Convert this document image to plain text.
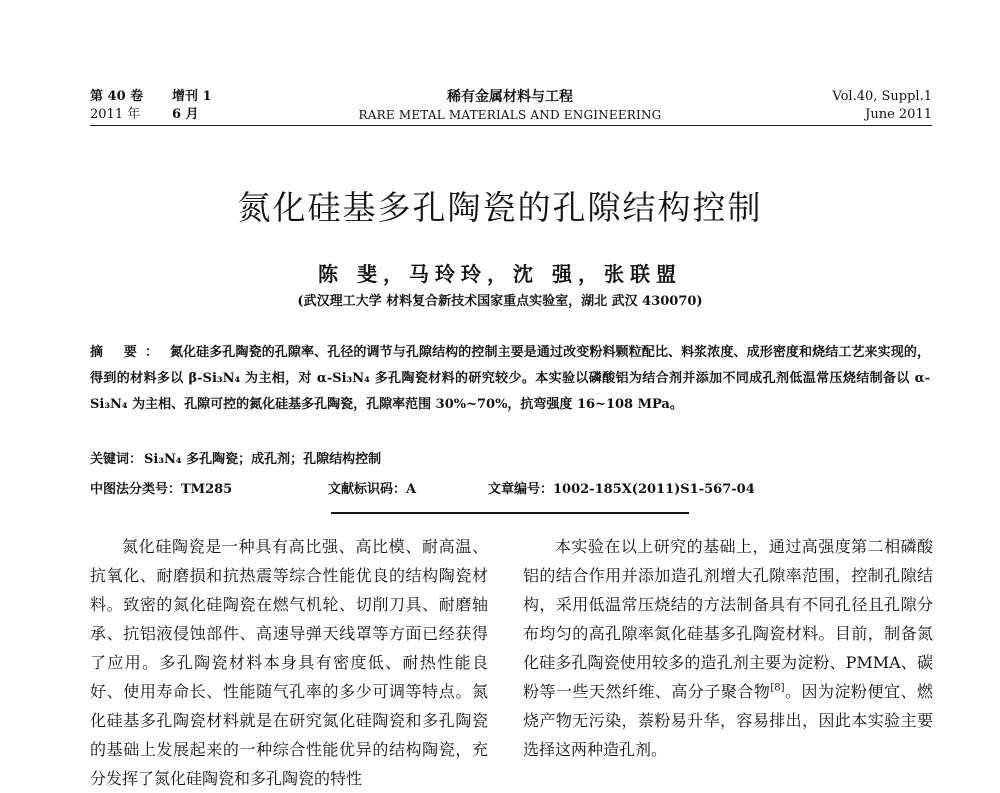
第 40 卷 增刊 1
2011 年 6 月
稀有金属材料与工程
RARE METAL MATERIALS AND ENGINEERING
Vol.40, Suppl.1
June 2011
氮化硅基多孔陶瓷的孔隙结构控制
陈 斐，马玲玲，沈 强，张联盟
(武汉理工大学 材料复合新技术国家重点实验室，湖北 武汉 430070)
摘 要： 氮化硅多孔陶瓷的孔隙率、孔径的调节与孔隙结构的控制主要是通过改变粉料颗粒配比、料浆浓度、成形密度和烧结工艺来实现的，得到的材料多以 β-Si₃N₄ 为主相，对 α-Si₃N₄ 多孔陶瓷材料的研究较少。本实验以磷酸铝为结合剂并添加不同成孔剂低温常压烧结制备以 α-Si₃N₄ 为主相、孔隙可控的氮化硅基多孔陶瓷，孔隙率范围 30%~70%，抗弯强度 16~108 MPa。
关键词： Si₃N₄ 多孔陶瓷；成孔剂；孔隙结构控制
中图法分类号：TM285	文献标识码：A	文章编号：1002-185X(2011)S1-567-04

氮化硅陶瓷是一种具有高比强、高比模、耐高温、抗氧化、耐磨损和抗热震等综合性能优良的结构陶瓷材料。致密的氮化硅陶瓷在燃气机轮、切削刀具、耐磨轴承、抗铝液侵蚀部件、高速导弹天线罩等方面已经获得了应用。多孔陶瓷材料本身具有密度低、耐热性能良好、使用寿命长、性能随气孔率的多少可调等特点。氮化硅基多孔陶瓷材料就是在研究氮化硅陶瓷和多孔陶瓷的基础上发展起来的一种综合性能优异的结构陶瓷，充分发挥了氮化硅陶瓷和多孔陶瓷的特性

本实验在以上研究的基础上，通过高强度第二相磷酸铝的结合作用并添加造孔剂增大孔隙率范围，控制孔隙结构，采用低温常压烧结的方法制备具有不同孔径且孔隙分布均匀的高孔隙率氮化硅基多孔陶瓷材料。目前，制备氮化硅多孔陶瓷使用较多的造孔剂主要为淀粉、PMMA、碳粉等一些天然纤维、高分子聚合物[8]。因为淀粉便宜、燃烧产物无污染，萘粉易升华，容易排出，因此本实验主要选择这两种造孔剂。
